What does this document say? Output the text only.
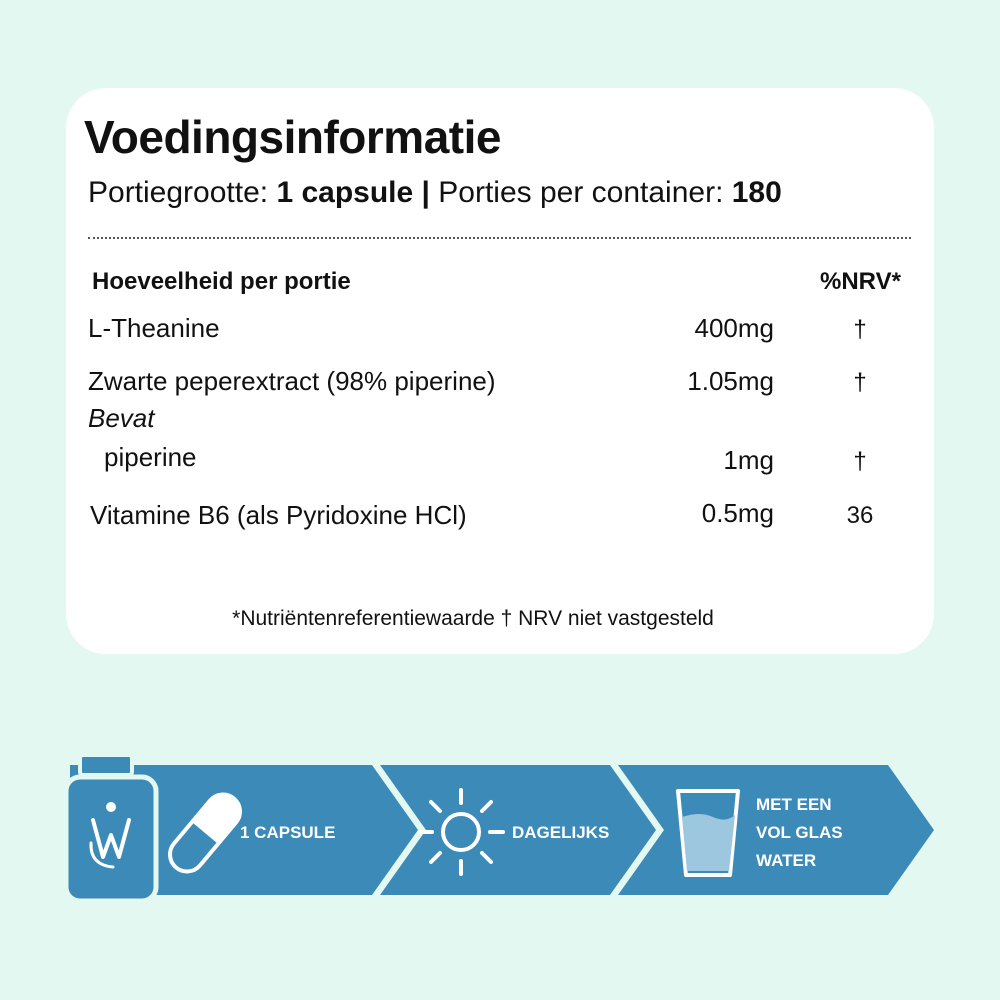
Voedingsinformatie
Portiegrootte: 1 capsule | Porties per container: 180
Hoeveelheid per portie	%NRV*
L-Theanine	400mg	†
Zwarte peperextract (98% piperine)	1.05mg	†
Bevat
piperine	1mg	†
Vitamine B6 (als Pyridoxine HCl)	0.5mg	36
*Nutriëntenreferentiewaarde † NRV niet vastgesteld
1 CAPSULE	DAGELIJKS
MET EEN
VOL GLAS
WATER
